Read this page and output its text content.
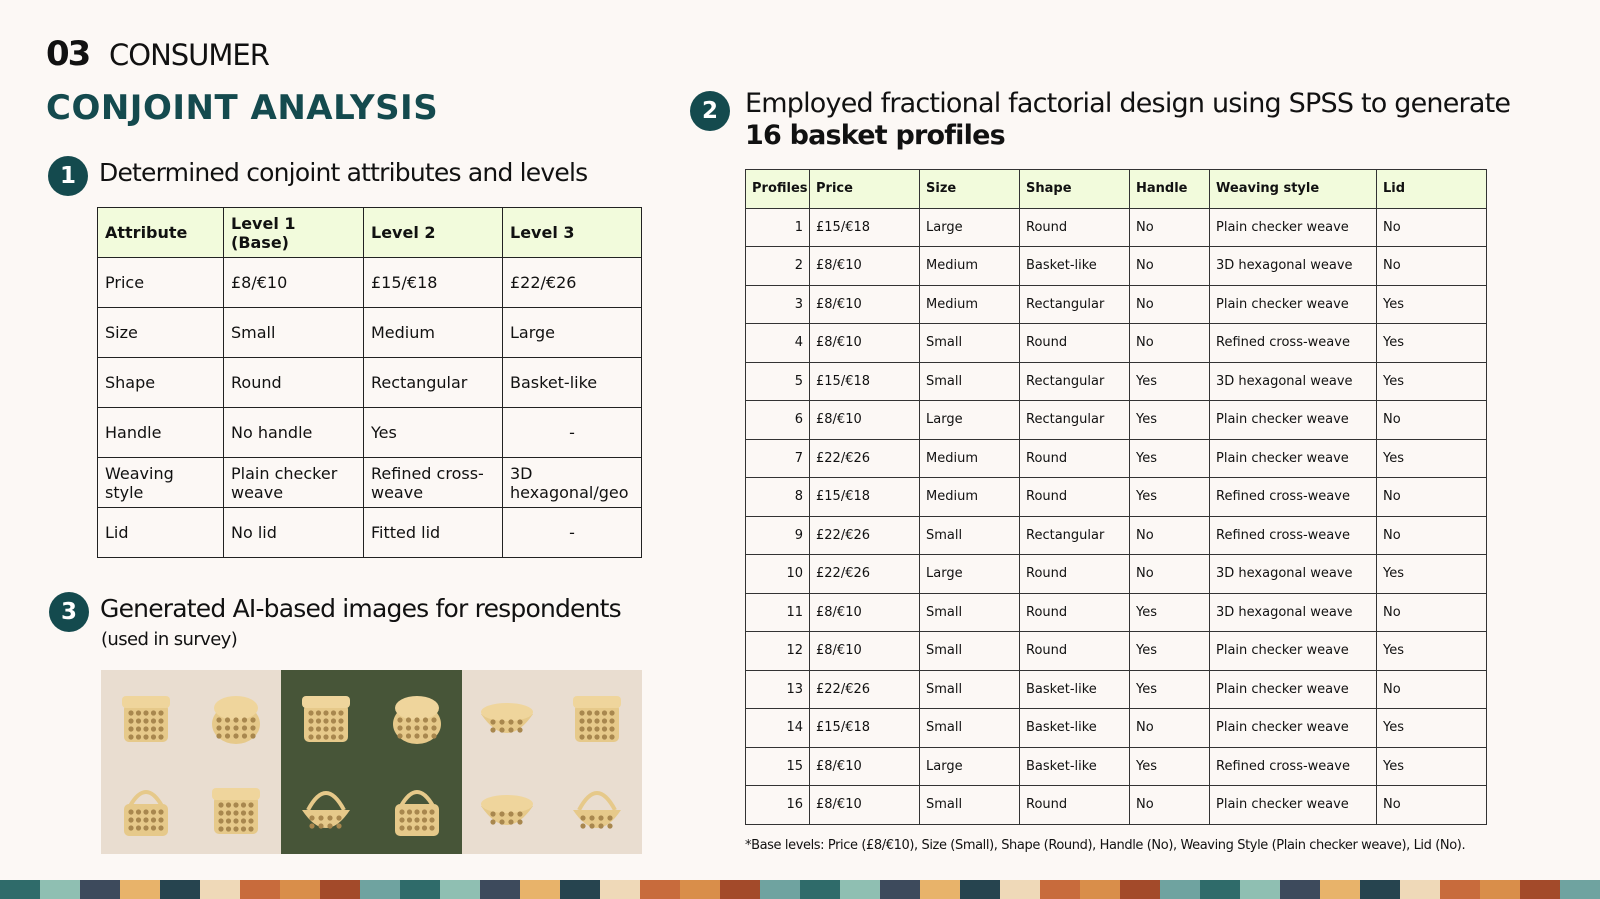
03 CONSUMER
CONJOINT ANALYSIS
1 Determined conjoint attributes and levels
Attribute	Level 1 (Base)	Level 2	Level 3
Price	£8/€10	£15/€18	£22/€26
Size	Small	Medium	Large
Shape	Round	Rectangular	Basket-like
Handle	No handle	Yes	-
Weaving style	Plain checker weave	Refined cross-weave	3D hexagonal/geo
Lid	No lid	Fitted lid	-
3 Generated AI-based images for respondents
(used in survey)
2	Employed fractional factorial design using SPSS to generate
16 basket profiles
Profiles	Price	Size	Shape	Handle	Weaving style	Lid
1	£15/€18	Large	Round	No	Plain checker weave	No
2	£8/€10	Medium	Basket-like	No	3D hexagonal weave	No
3	£8/€10	Medium	Rectangular	No	Plain checker weave	Yes
4	£8/€10	Small	Round	No	Refined cross-weave	Yes
5	£15/€18	Small	Rectangular	Yes	3D hexagonal weave	Yes
6	£8/€10	Large	Rectangular	Yes	Plain checker weave	No
7	£22/€26	Medium	Round	Yes	Plain checker weave	Yes
8	£15/€18	Medium	Round	Yes	Refined cross-weave	No
9	£22/€26	Small	Rectangular	No	Refined cross-weave	No
10	£22/€26	Large	Round	No	3D hexagonal weave	Yes
11	£8/€10	Small	Round	Yes	3D hexagonal weave	No
12	£8/€10	Small	Round	Yes	Plain checker weave	Yes
13	£22/€26	Small	Basket-like	Yes	Plain checker weave	No
14	£15/€18	Small	Basket-like	No	Plain checker weave	Yes
15	£8/€10	Large	Basket-like	Yes	Refined cross-weave	Yes
16	£8/€10	Small	Round	No	Plain checker weave	No
*Base levels: Price (£8/€10), Size (Small), Shape (Round), Handle (No), Weaving Style (Plain checker weave), Lid (No).
